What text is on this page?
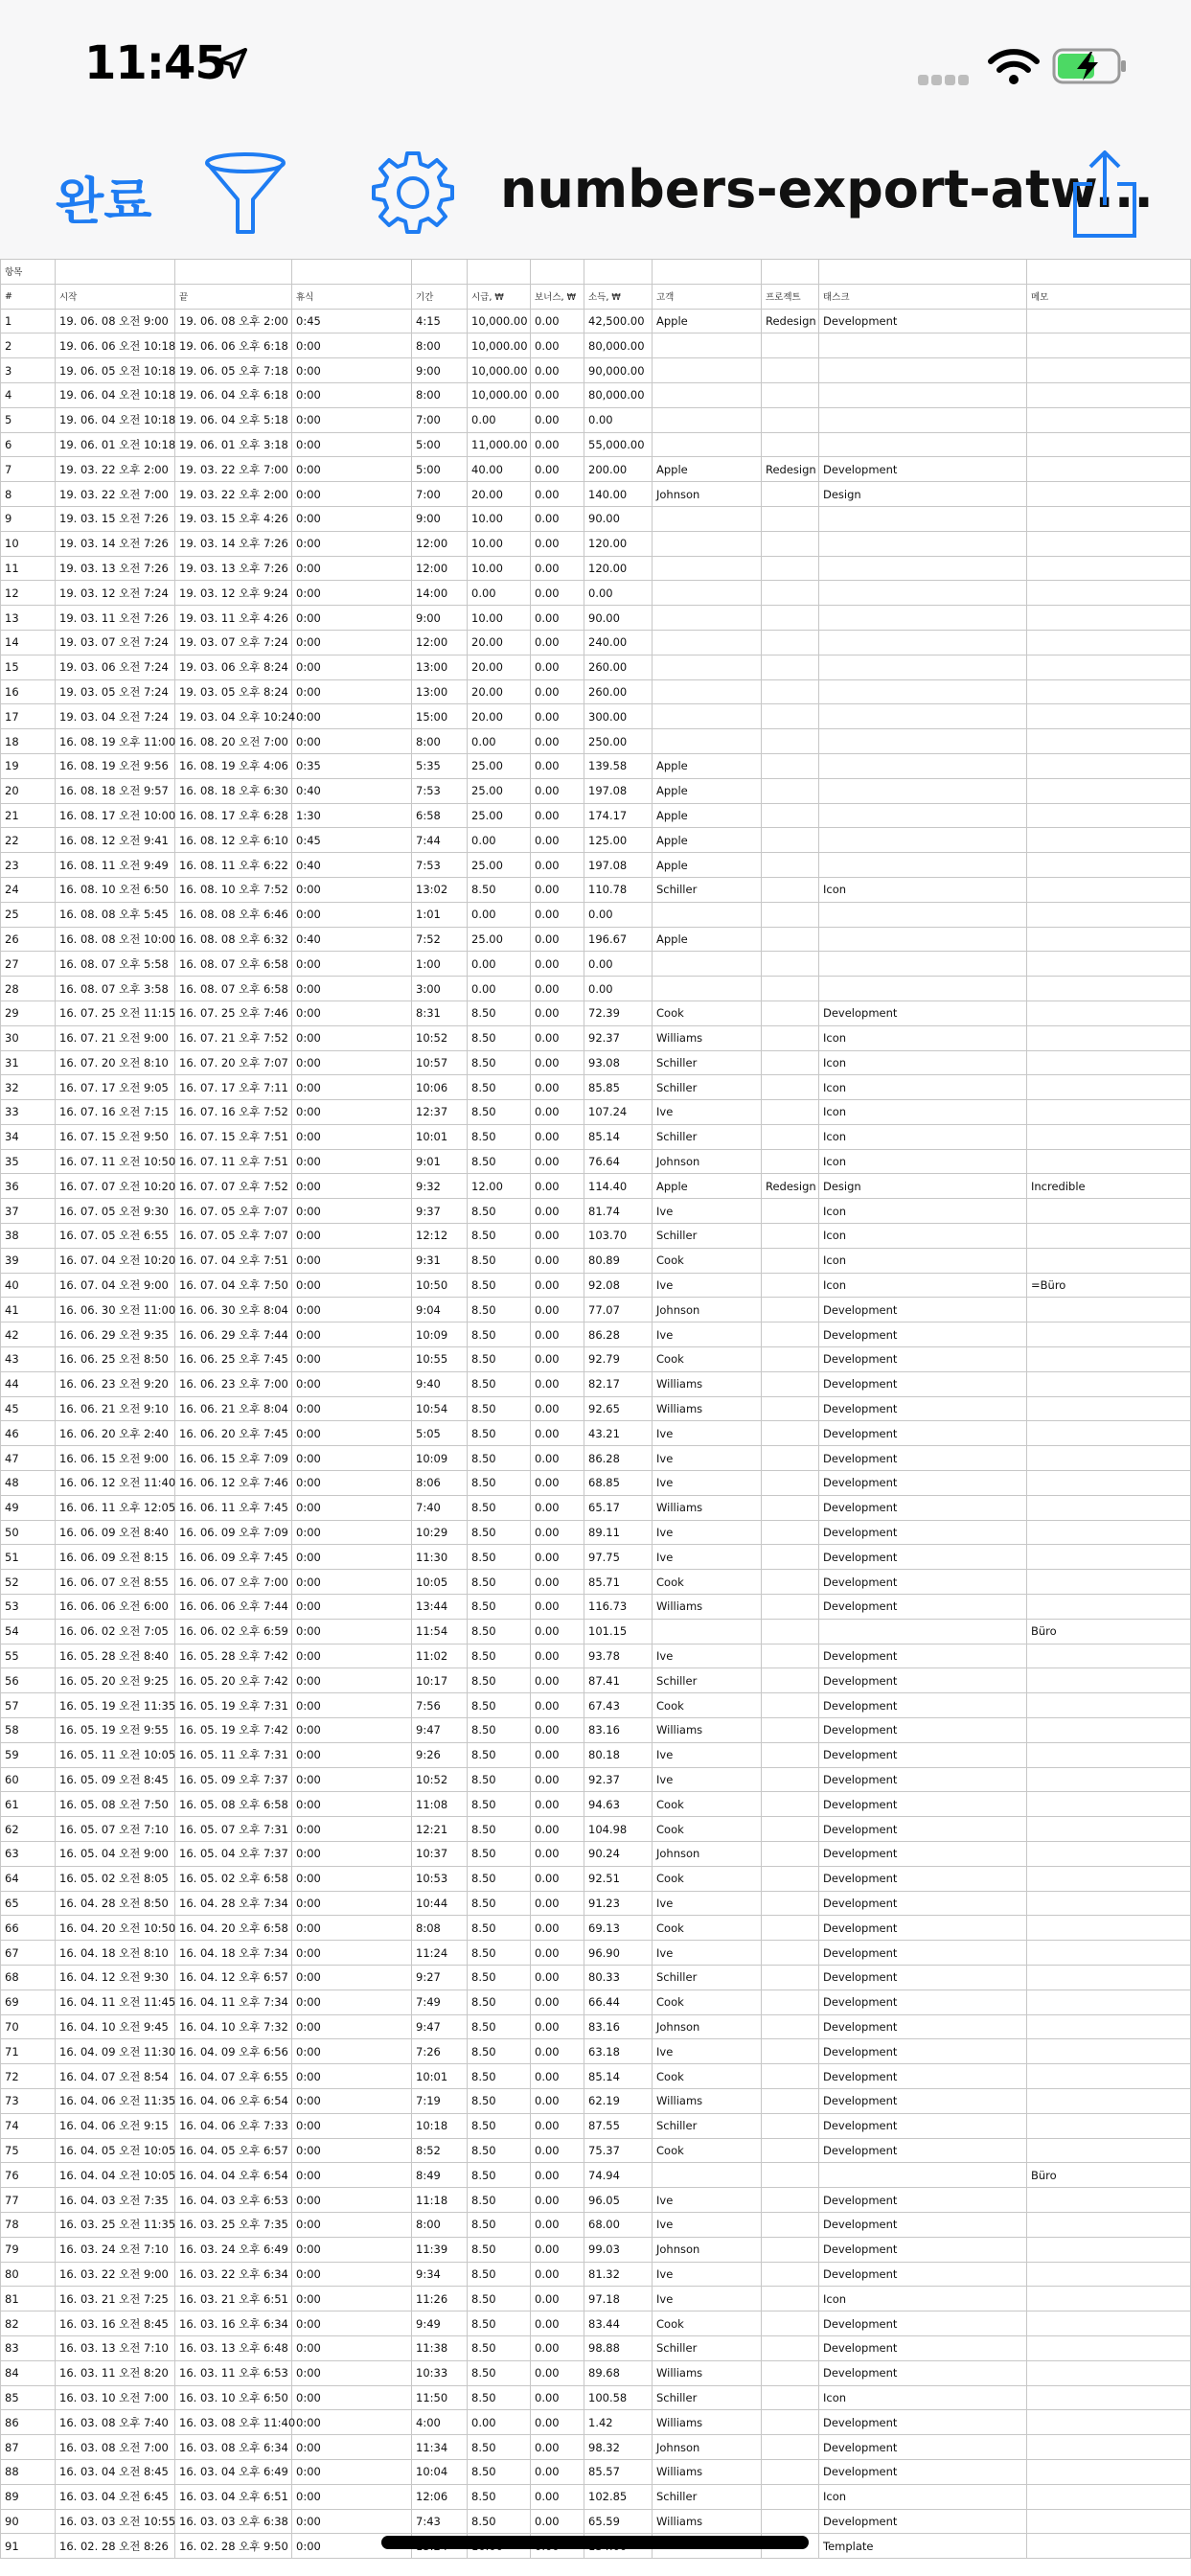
11:45
완료	numbers-export-atw...
항목											
#	시작	끝	휴식	기간	시급, ₩	보너스, ₩	소득, ₩	고객	프로젝트	태스크	메모
1	19. 06. 08 오전 9:00	19. 06. 08 오후 2:00	0:45	4:15	10,000.00	0.00	42,500.00	Apple	Redesign	Development	
2	19. 06. 06 오전 10:18	19. 06. 06 오후 6:18	0:00	8:00	10,000.00	0.00	80,000.00				
3	19. 06. 05 오전 10:18	19. 06. 05 오후 7:18	0:00	9:00	10,000.00	0.00	90,000.00				
4	19. 06. 04 오전 10:18	19. 06. 04 오후 6:18	0:00	8:00	10,000.00	0.00	80,000.00				
5	19. 06. 04 오전 10:18	19. 06. 04 오후 5:18	0:00	7:00	0.00	0.00	0.00				
6	19. 06. 01 오전 10:18	19. 06. 01 오후 3:18	0:00	5:00	11,000.00	0.00	55,000.00				
7	19. 03. 22 오후 2:00	19. 03. 22 오후 7:00	0:00	5:00	40.00	0.00	200.00	Apple	Redesign	Development	
8	19. 03. 22 오전 7:00	19. 03. 22 오후 2:00	0:00	7:00	20.00	0.00	140.00	Johnson		Design	
9	19. 03. 15 오전 7:26	19. 03. 15 오후 4:26	0:00	9:00	10.00	0.00	90.00				
10	19. 03. 14 오전 7:26	19. 03. 14 오후 7:26	0:00	12:00	10.00	0.00	120.00				
11	19. 03. 13 오전 7:26	19. 03. 13 오후 7:26	0:00	12:00	10.00	0.00	120.00				
12	19. 03. 12 오전 7:24	19. 03. 12 오후 9:24	0:00	14:00	0.00	0.00	0.00				
13	19. 03. 11 오전 7:26	19. 03. 11 오후 4:26	0:00	9:00	10.00	0.00	90.00				
14	19. 03. 07 오전 7:24	19. 03. 07 오후 7:24	0:00	12:00	20.00	0.00	240.00				
15	19. 03. 06 오전 7:24	19. 03. 06 오후 8:24	0:00	13:00	20.00	0.00	260.00				
16	19. 03. 05 오전 7:24	19. 03. 05 오후 8:24	0:00	13:00	20.00	0.00	260.00				
17	19. 03. 04 오전 7:24	19. 03. 04 오후 10:24	0:00	15:00	20.00	0.00	300.00				
18	16. 08. 19 오후 11:00	16. 08. 20 오전 7:00	0:00	8:00	0.00	0.00	250.00				
19	16. 08. 19 오전 9:56	16. 08. 19 오후 4:06	0:35	5:35	25.00	0.00	139.58	Apple			
20	16. 08. 18 오전 9:57	16. 08. 18 오후 6:30	0:40	7:53	25.00	0.00	197.08	Apple			
21	16. 08. 17 오전 10:00	16. 08. 17 오후 6:28	1:30	6:58	25.00	0.00	174.17	Apple			
22	16. 08. 12 오전 9:41	16. 08. 12 오후 6:10	0:45	7:44	0.00	0.00	125.00	Apple			
23	16. 08. 11 오전 9:49	16. 08. 11 오후 6:22	0:40	7:53	25.00	0.00	197.08	Apple			
24	16. 08. 10 오전 6:50	16. 08. 10 오후 7:52	0:00	13:02	8.50	0.00	110.78	Schiller		Icon	
25	16. 08. 08 오후 5:45	16. 08. 08 오후 6:46	0:00	1:01	0.00	0.00	0.00				
26	16. 08. 08 오전 10:00	16. 08. 08 오후 6:32	0:40	7:52	25.00	0.00	196.67	Apple			
27	16. 08. 07 오후 5:58	16. 08. 07 오후 6:58	0:00	1:00	0.00	0.00	0.00				
28	16. 08. 07 오후 3:58	16. 08. 07 오후 6:58	0:00	3:00	0.00	0.00	0.00				
29	16. 07. 25 오전 11:15	16. 07. 25 오후 7:46	0:00	8:31	8.50	0.00	72.39	Cook		Development	
30	16. 07. 21 오전 9:00	16. 07. 21 오후 7:52	0:00	10:52	8.50	0.00	92.37	Williams		Icon	
31	16. 07. 20 오전 8:10	16. 07. 20 오후 7:07	0:00	10:57	8.50	0.00	93.08	Schiller		Icon	
32	16. 07. 17 오전 9:05	16. 07. 17 오후 7:11	0:00	10:06	8.50	0.00	85.85	Schiller		Icon	
33	16. 07. 16 오전 7:15	16. 07. 16 오후 7:52	0:00	12:37	8.50	0.00	107.24	Ive		Icon	
34	16. 07. 15 오전 9:50	16. 07. 15 오후 7:51	0:00	10:01	8.50	0.00	85.14	Schiller		Icon	
35	16. 07. 11 오전 10:50	16. 07. 11 오후 7:51	0:00	9:01	8.50	0.00	76.64	Johnson		Icon	
36	16. 07. 07 오전 10:20	16. 07. 07 오후 7:52	0:00	9:32	12.00	0.00	114.40	Apple	Redesign	Design	Incredible
37	16. 07. 05 오전 9:30	16. 07. 05 오후 7:07	0:00	9:37	8.50	0.00	81.74	Ive		Icon	
38	16. 07. 05 오전 6:55	16. 07. 05 오후 7:07	0:00	12:12	8.50	0.00	103.70	Schiller		Icon	
39	16. 07. 04 오전 10:20	16. 07. 04 오후 7:51	0:00	9:31	8.50	0.00	80.89	Cook		Icon	
40	16. 07. 04 오전 9:00	16. 07. 04 오후 7:50	0:00	10:50	8.50	0.00	92.08	Ive		Icon	=Büro
41	16. 06. 30 오전 11:00	16. 06. 30 오후 8:04	0:00	9:04	8.50	0.00	77.07	Johnson		Development	
42	16. 06. 29 오전 9:35	16. 06. 29 오후 7:44	0:00	10:09	8.50	0.00	86.28	Ive		Development	
43	16. 06. 25 오전 8:50	16. 06. 25 오후 7:45	0:00	10:55	8.50	0.00	92.79	Cook		Development	
44	16. 06. 23 오전 9:20	16. 06. 23 오후 7:00	0:00	9:40	8.50	0.00	82.17	Williams		Development	
45	16. 06. 21 오전 9:10	16. 06. 21 오후 8:04	0:00	10:54	8.50	0.00	92.65	Williams		Development	
46	16. 06. 20 오후 2:40	16. 06. 20 오후 7:45	0:00	5:05	8.50	0.00	43.21	Ive		Development	
47	16. 06. 15 오전 9:00	16. 06. 15 오후 7:09	0:00	10:09	8.50	0.00	86.28	Ive		Development	
48	16. 06. 12 오전 11:40	16. 06. 12 오후 7:46	0:00	8:06	8.50	0.00	68.85	Ive		Development	
49	16. 06. 11 오후 12:05	16. 06. 11 오후 7:45	0:00	7:40	8.50	0.00	65.17	Williams		Development	
50	16. 06. 09 오전 8:40	16. 06. 09 오후 7:09	0:00	10:29	8.50	0.00	89.11	Ive		Development	
51	16. 06. 09 오전 8:15	16. 06. 09 오후 7:45	0:00	11:30	8.50	0.00	97.75	Ive		Development	
52	16. 06. 07 오전 8:55	16. 06. 07 오후 7:00	0:00	10:05	8.50	0.00	85.71	Cook		Development	
53	16. 06. 06 오전 6:00	16. 06. 06 오후 7:44	0:00	13:44	8.50	0.00	116.73	Williams		Development	
54	16. 06. 02 오전 7:05	16. 06. 02 오후 6:59	0:00	11:54	8.50	0.00	101.15				Büro
55	16. 05. 28 오전 8:40	16. 05. 28 오후 7:42	0:00	11:02	8.50	0.00	93.78	Ive		Development	
56	16. 05. 20 오전 9:25	16. 05. 20 오후 7:42	0:00	10:17	8.50	0.00	87.41	Schiller		Development	
57	16. 05. 19 오전 11:35	16. 05. 19 오후 7:31	0:00	7:56	8.50	0.00	67.43	Cook		Development	
58	16. 05. 19 오전 9:55	16. 05. 19 오후 7:42	0:00	9:47	8.50	0.00	83.16	Williams		Development	
59	16. 05. 11 오전 10:05	16. 05. 11 오후 7:31	0:00	9:26	8.50	0.00	80.18	Ive		Development	
60	16. 05. 09 오전 8:45	16. 05. 09 오후 7:37	0:00	10:52	8.50	0.00	92.37	Ive		Development	
61	16. 05. 08 오전 7:50	16. 05. 08 오후 6:58	0:00	11:08	8.50	0.00	94.63	Cook		Development	
62	16. 05. 07 오전 7:10	16. 05. 07 오후 7:31	0:00	12:21	8.50	0.00	104.98	Cook		Development	
63	16. 05. 04 오전 9:00	16. 05. 04 오후 7:37	0:00	10:37	8.50	0.00	90.24	Johnson		Development	
64	16. 05. 02 오전 8:05	16. 05. 02 오후 6:58	0:00	10:53	8.50	0.00	92.51	Cook		Development	
65	16. 04. 28 오전 8:50	16. 04. 28 오후 7:34	0:00	10:44	8.50	0.00	91.23	Ive		Development	
66	16. 04. 20 오전 10:50	16. 04. 20 오후 6:58	0:00	8:08	8.50	0.00	69.13	Cook		Development	
67	16. 04. 18 오전 8:10	16. 04. 18 오후 7:34	0:00	11:24	8.50	0.00	96.90	Ive		Development	
68	16. 04. 12 오전 9:30	16. 04. 12 오후 6:57	0:00	9:27	8.50	0.00	80.33	Schiller		Development	
69	16. 04. 11 오전 11:45	16. 04. 11 오후 7:34	0:00	7:49	8.50	0.00	66.44	Cook		Development	
70	16. 04. 10 오전 9:45	16. 04. 10 오후 7:32	0:00	9:47	8.50	0.00	83.16	Johnson		Development	
71	16. 04. 09 오전 11:30	16. 04. 09 오후 6:56	0:00	7:26	8.50	0.00	63.18	Ive		Development	
72	16. 04. 07 오전 8:54	16. 04. 07 오후 6:55	0:00	10:01	8.50	0.00	85.14	Cook		Development	
73	16. 04. 06 오전 11:35	16. 04. 06 오후 6:54	0:00	7:19	8.50	0.00	62.19	Williams		Development	
74	16. 04. 06 오전 9:15	16. 04. 06 오후 7:33	0:00	10:18	8.50	0.00	87.55	Schiller		Development	
75	16. 04. 05 오전 10:05	16. 04. 05 오후 6:57	0:00	8:52	8.50	0.00	75.37	Cook		Development	
76	16. 04. 04 오전 10:05	16. 04. 04 오후 6:54	0:00	8:49	8.50	0.00	74.94				Büro
77	16. 04. 03 오전 7:35	16. 04. 03 오후 6:53	0:00	11:18	8.50	0.00	96.05	Ive		Development	
78	16. 03. 25 오전 11:35	16. 03. 25 오후 7:35	0:00	8:00	8.50	0.00	68.00	Ive		Development	
79	16. 03. 24 오전 7:10	16. 03. 24 오후 6:49	0:00	11:39	8.50	0.00	99.03	Johnson		Development	
80	16. 03. 22 오전 9:00	16. 03. 22 오후 6:34	0:00	9:34	8.50	0.00	81.32	Ive		Development	
81	16. 03. 21 오전 7:25	16. 03. 21 오후 6:51	0:00	11:26	8.50	0.00	97.18	Ive		Icon	
82	16. 03. 16 오전 8:45	16. 03. 16 오후 6:34	0:00	9:49	8.50	0.00	83.44	Cook		Development	
83	16. 03. 13 오전 7:10	16. 03. 13 오후 6:48	0:00	11:38	8.50	0.00	98.88	Schiller		Development	
84	16. 03. 11 오전 8:20	16. 03. 11 오후 6:53	0:00	10:33	8.50	0.00	89.68	Williams		Development	
85	16. 03. 10 오전 7:00	16. 03. 10 오후 6:50	0:00	11:50	8.50	0.00	100.58	Schiller		Icon	
86	16. 03. 08 오후 7:40	16. 03. 08 오후 11:40	0:00	4:00	0.00	0.00	1.42	Williams		Development	
87	16. 03. 08 오전 7:00	16. 03. 08 오후 6:34	0:00	11:34	8.50	0.00	98.32	Johnson		Development	
88	16. 03. 04 오전 8:45	16. 03. 04 오후 6:49	0:00	10:04	8.50	0.00	85.57	Williams		Development	
89	16. 03. 04 오전 6:45	16. 03. 04 오후 6:51	0:00	12:06	8.50	0.00	102.85	Schiller		Icon	
90	16. 03. 03 오전 10:55	16. 03. 03 오후 6:38	0:00	7:43	8.50	0.00	65.59	Williams		Development	
91	16. 02. 28 오전 8:26	16. 02. 28 오후 9:50	0:00							Template	
